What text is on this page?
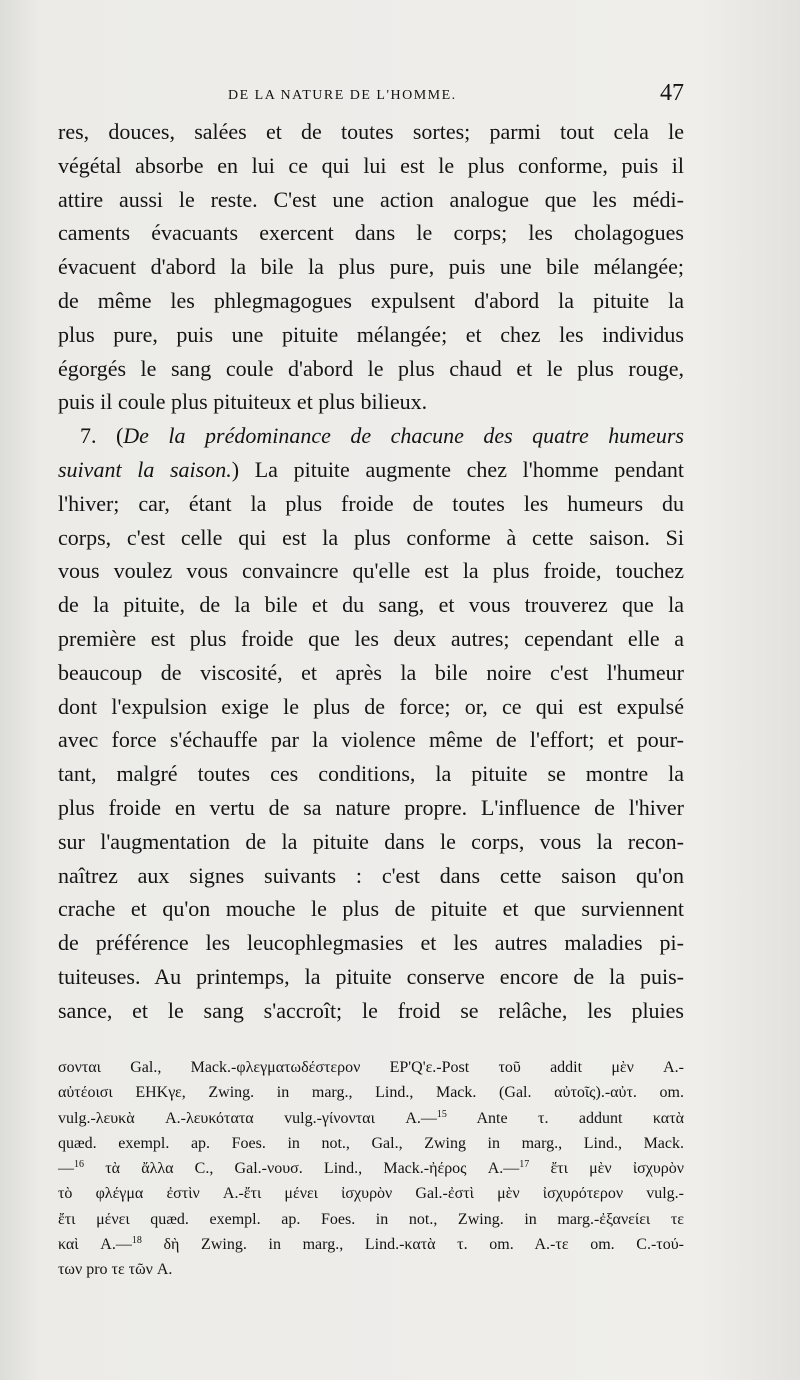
DE LA NATURE DE L'HOMME.	47
res, douces, salées et de toutes sortes; parmi tout cela le
végétal absorbe en lui ce qui lui est le plus conforme, puis il
attire aussi le reste. C'est une action analogue que les médi-
caments évacuants exercent dans le corps; les cholagogues
évacuent d'abord la bile la plus pure, puis une bile mélangée;
de même les phlegmagogues expulsent d'abord la pituite la
plus pure, puis une pituite mélangée; et chez les individus
égorgés le sang coule d'abord le plus chaud et le plus rouge,
puis il coule plus pituiteux et plus bilieux.
7. (De la prédominance de chacune des quatre humeurs
suivant la saison.) La pituite augmente chez l'homme pendant
l'hiver; car, étant la plus froide de toutes les humeurs du
corps, c'est celle qui est la plus conforme à cette saison. Si
vous voulez vous convaincre qu'elle est la plus froide, touchez
de la pituite, de la bile et du sang, et vous trouverez que la
première est plus froide que les deux autres; cependant elle a
beaucoup de viscosité, et après la bile noire c'est l'humeur
dont l'expulsion exige le plus de force; or, ce qui est expulsé
avec force s'échauffe par la violence même de l'effort; et pour-
tant, malgré toutes ces conditions, la pituite se montre la
plus froide en vertu de sa nature propre. L'influence de l'hiver
sur l'augmentation de la pituite dans le corps, vous la recon-
naîtrez aux signes suivants : c'est dans cette saison qu'on
crache et qu'on mouche le plus de pituite et que surviennent
de préférence les leucophlegmasies et les autres maladies pi-
tuiteuses. Au printemps, la pituite conserve encore de la puis-
sance, et le sang s'accroît; le froid se relâche, les pluies
σονται Gal., Mack.-φλεγματωδέστερον EP'Q'ε.-Post τοῦ addit μὲν A.-
αὐτέοισι EHKγε, Zwing. in marg., Lind., Mack. (Gal. αὐτοῖς).-αὐτ. om.
vulg.-λευκὰ A.-λευκότατα vulg.-γίνονται A.—$^{15}$ Ante τ. addunt κατὰ
quæd. exempl. ap. Foes. in not., Gal., Zwing in marg., Lind., Mack.
—$^{16}$ τὰ ἄλλα C., Gal.-νουσ. Lind., Mack.-ἠέρος A.—$^{17}$ ἔτι μὲν ἰσχυρὸν
τὸ φλέγμα ἐστὶν A.-ἔτι μένει ἰσχυρὸν Gal.-ἐστὶ μὲν ἰσχυρότερον vulg.-
ἔτι μένει quæd. exempl. ap. Foes. in not., Zwing. in marg.-ἐξανείει τε
καὶ A.—$^{18}$ δὴ Zwing. in marg., Lind.-κατὰ τ. om. A.-τε om. C.-τού-
των pro τε τῶν A.
